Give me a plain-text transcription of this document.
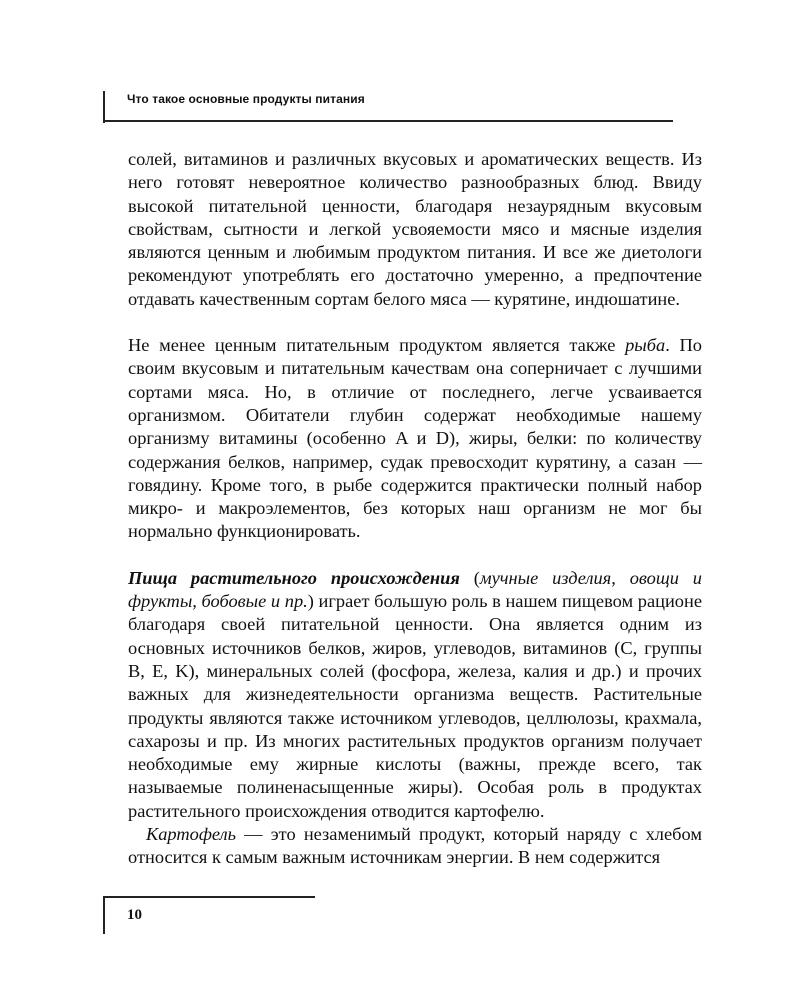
Что такое основные продукты питания

солей, витаминов и различных вкусовых и ароматических веществ. Из него готовят невероятное количество разнообразных блюд. Ввиду высокой питательной ценности, благодаря незаурядным вкусовым свойствам, сытности и легкой усвояемости мясо и мясные изделия являются ценным и любимым продуктом питания. И все же диетологи рекомендуют употреблять его достаточно умеренно, а предпочтение отдавать качественным сортам белого мяса — курятине, индюшатине.

Не менее ценным питательным продуктом является также рыба. По своим вкусовым и питательным качествам она соперничает с лучшими сортами мяса. Но, в отличие от последнего, легче усваивается организмом. Обитатели глубин содержат необходимые нашему организму витамины (особенно A и D), жиры, белки: по количеству содержания белков, например, судак превосходит курятину, а сазан — говядину. Кроме того, в рыбе содержится практически полный набор микро- и макроэлементов, без которых наш организм не мог бы нормально функционировать.

Пища растительного происхождения (мучные изделия, овощи и фрукты, бобовые и пр.) играет большую роль в нашем пищевом рационе благодаря своей питательной ценности. Она является одним из основных источников белков, жиров, углеводов, витаминов (C, группы B, E, K), минеральных солей (фосфора, железа, калия и др.) и прочих важных для жизнедеятельности организма веществ. Растительные продукты являются также источником углеводов, целлюлозы, крахмала, сахарозы и пр. Из многих растительных продуктов организм получает необходимые ему жирные кислоты (важны, прежде всего, так называемые полиненасыщенные жиры). Особая роль в продуктах растительного происхождения отводится картофелю.

Картофель — это незаменимый продукт, который наряду с хлебом относится к самым важным источникам энергии. В нем содержится

10
